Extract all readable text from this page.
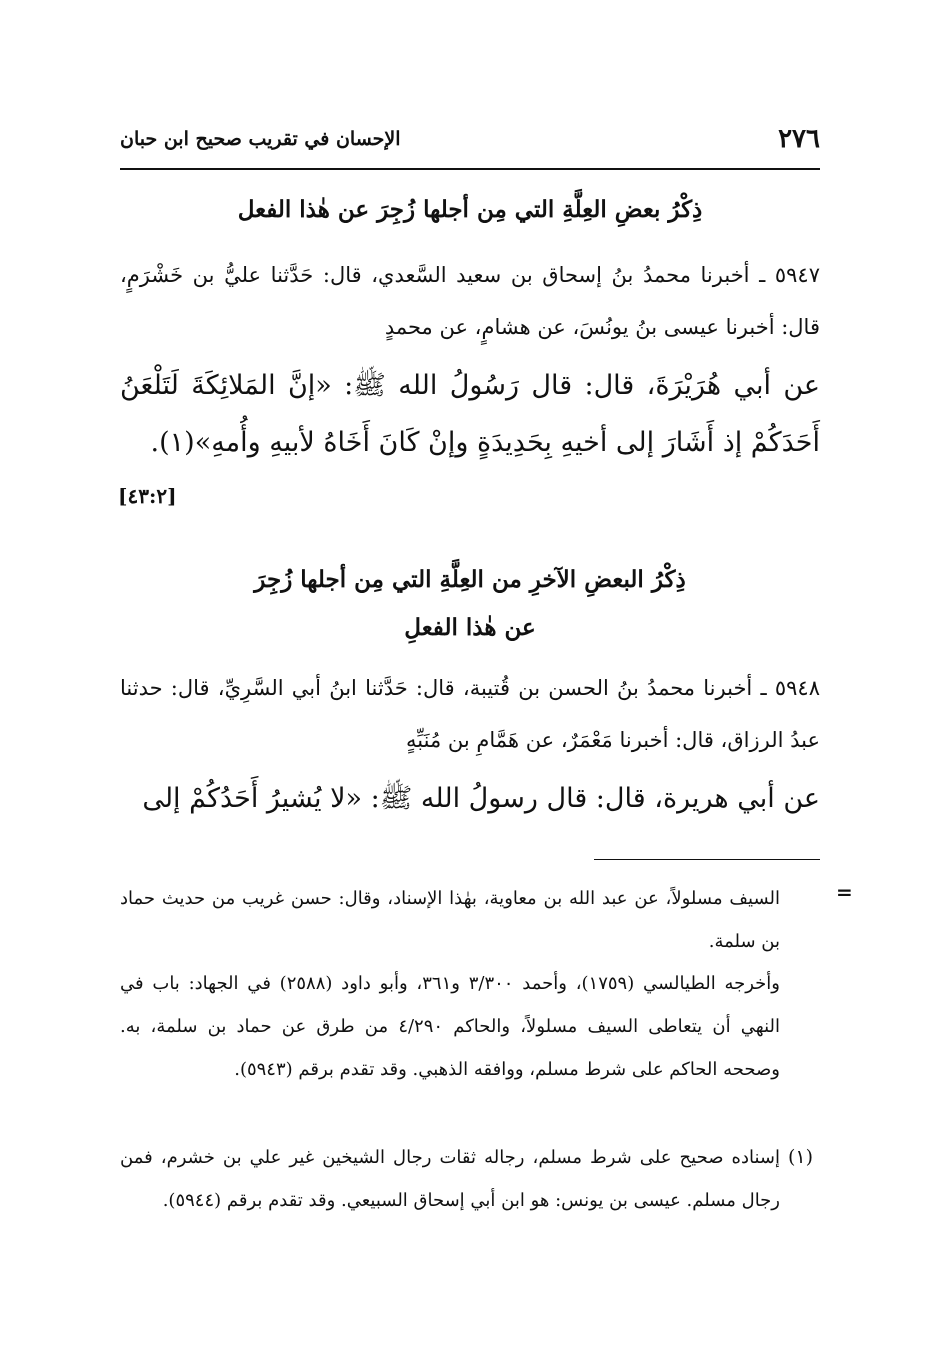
٢٧٦
الإحسان في تقريب صحيح ابن حبان
ذِكْرُ بعضِ العِلَّةِ التي مِن أجلها زُجِرَ عن هٰذا الفعل
٥٩٤٧ ـ أخبرنا محمدُ بنُ إسحاق بن سعيد السَّعدي، قال: حَدَّثنا عليُّ بن خَشْرَمٍ، قال: أخبرنا عيسى بنُ يونُسَ، عن هشامٍ، عن محمدٍ
عن أبي هُرَيْرَةَ، قال: قال رَسُولُ الله ﷺ: «إنَّ المَلائِكَةَ لَتَلْعَنُ أَحَدَكُمْ إذ أَشَارَ إلى أخيهِ بِحَدِيدَةٍ وإنْ كَانَ أَخَاهُ لأبيهِ وأُمهِ»(١).
[٤٣:٢]
ذِكْرُ البعضِ الآخرِ من العِلَّةِ التي مِن أجلها زُجِرَ
عن هٰذا الفعلِ
٥٩٤٨ ـ أخبرنا محمدُ بنُ الحسن بن قُتيبة، قال: حَدَّثنا ابنُ أبي السَّرِيِّ، قال: حدثنا عبدُ الرزاق، قال: أخبرنا مَعْمَرٌ، عن هَمَّامِ بن مُنَبِّهٍ
عن أبي هريرة، قال: قال رسولُ الله ﷺ: «لا يُشيرُ أَحَدُكُمْ إلى
=
السيف مسلولاً، عن عبد الله بن معاوية، بهٰذا الإسناد، وقال: حسن غريب من حديث حماد بن سلمة.
وأخرجه الطيالسي (١٧٥٩)، وأحمد ٣/٣٠٠ و٣٦١، وأبو داود (٢٥٨٨) في الجهاد: باب في النهي أن يتعاطى السيف مسلولاً، والحاكم ٤/٢٩٠ من طرق عن حماد بن سلمة، به. وصححه الحاكم على شرط مسلم، ووافقه الذهبي. وقد تقدم برقم (٥٩٤٣).
(١)
إسناده صحيح على شرط مسلم، رجاله ثقات رجال الشيخين غير علي بن خشرم، فمن رجال مسلم. عيسى بن يونس: هو ابن أبي إسحاق السبيعي. وقد تقدم برقم (٥٩٤٤).
